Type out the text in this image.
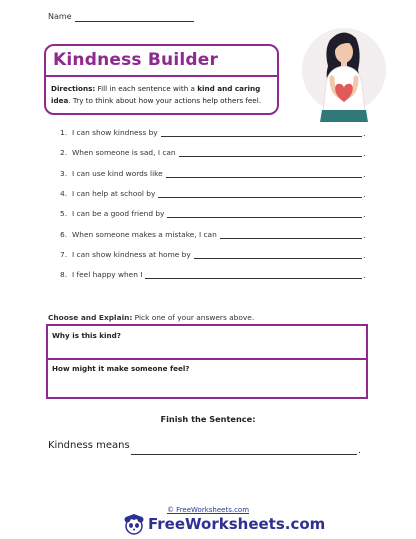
Name
Kindness Builder
Directions: Fill in each sentence with a kind and caring idea. Try to think about how your actions help others feel.
1. I can show kindness by	.
2. When someone is sad, I can	.
3. I can use kind words like	.
4. I can help at school by	.
5. I can be a good friend by	.
6. When someone makes a mistake, I can	.
7. I can show kindness at home by	.
8. I feel happy when I	.
Choose and Explain: Pick one of your answers above.
Why is this kind?
How might it make someone feel?
Finish the Sentence:
Kindness means	.
© FreeWorksheets.com
FreeWorksheets.com
